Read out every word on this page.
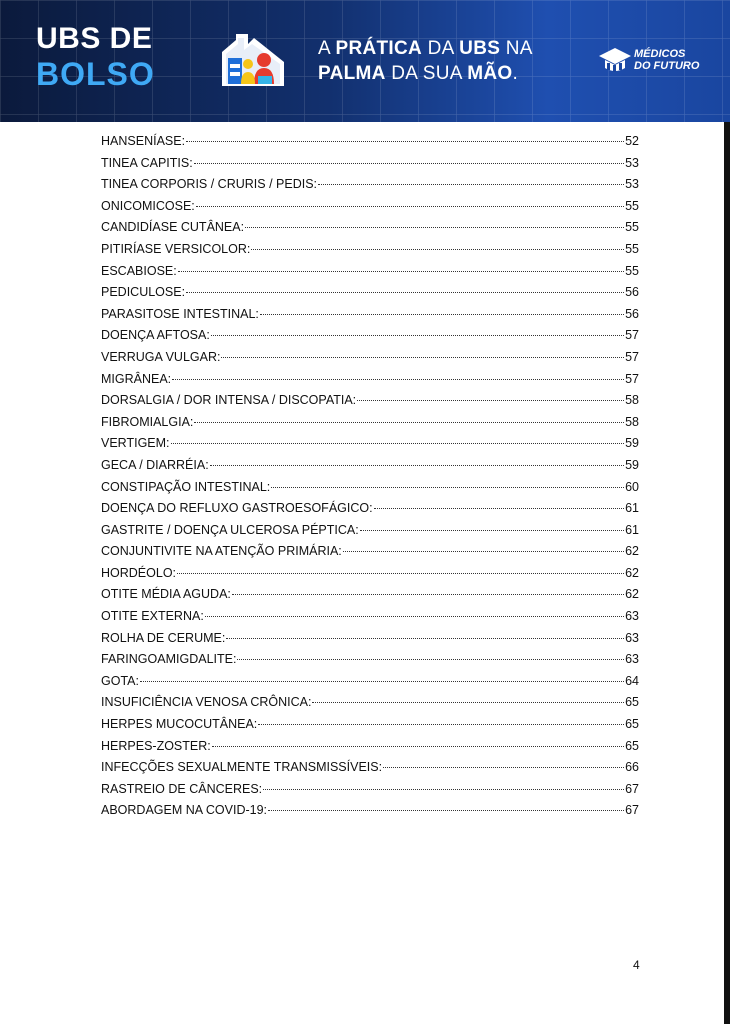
UBS DE
BOLSO
A PRÁTICA DA UBS NA
PALMA DA SUA MÃO.
MÉDICOS
DO FUTURO
HANSENÍASE:	52
TINEA CAPITIS:	53
TINEA CORPORIS / CRURIS / PEDIS:	53
ONICOMICOSE:	55
CANDIDÍASE CUTÂNEA:	55
PITIRÍASE VERSICOLOR:	55
ESCABIOSE:	55
PEDICULOSE:	56
PARASITOSE INTESTINAL:	56
DOENÇA AFTOSA:	57
VERRUGA VULGAR:	57
MIGRÂNEA:	57
DORSALGIA / DOR INTENSA / DISCOPATIA:	58
FIBROMIALGIA:	58
VERTIGEM:	59
GECA / DIARRÉIA:	59
CONSTIPAÇÃO INTESTINAL:	60
DOENÇA DO REFLUXO GASTROESOFÁGICO:	61
GASTRITE / DOENÇA ULCEROSA PÉPTICA:	61
CONJUNTIVITE NA ATENÇÃO PRIMÁRIA:	62
HORDÉOLO:	62
OTITE MÉDIA AGUDA:	62
OTITE EXTERNA:	63
ROLHA DE CERUME:	63
FARINGOAMIGDALITE:	63
GOTA:	64
INSUFICIÊNCIA VENOSA CRÔNICA:	65
HERPES MUCOCUTÂNEA:	65
HERPES-ZOSTER:	65
INFECÇÕES SEXUALMENTE TRANSMISSÍVEIS:	66
RASTREIO DE CÂNCERES:	67
ABORDAGEM NA COVID-19:	67
4
